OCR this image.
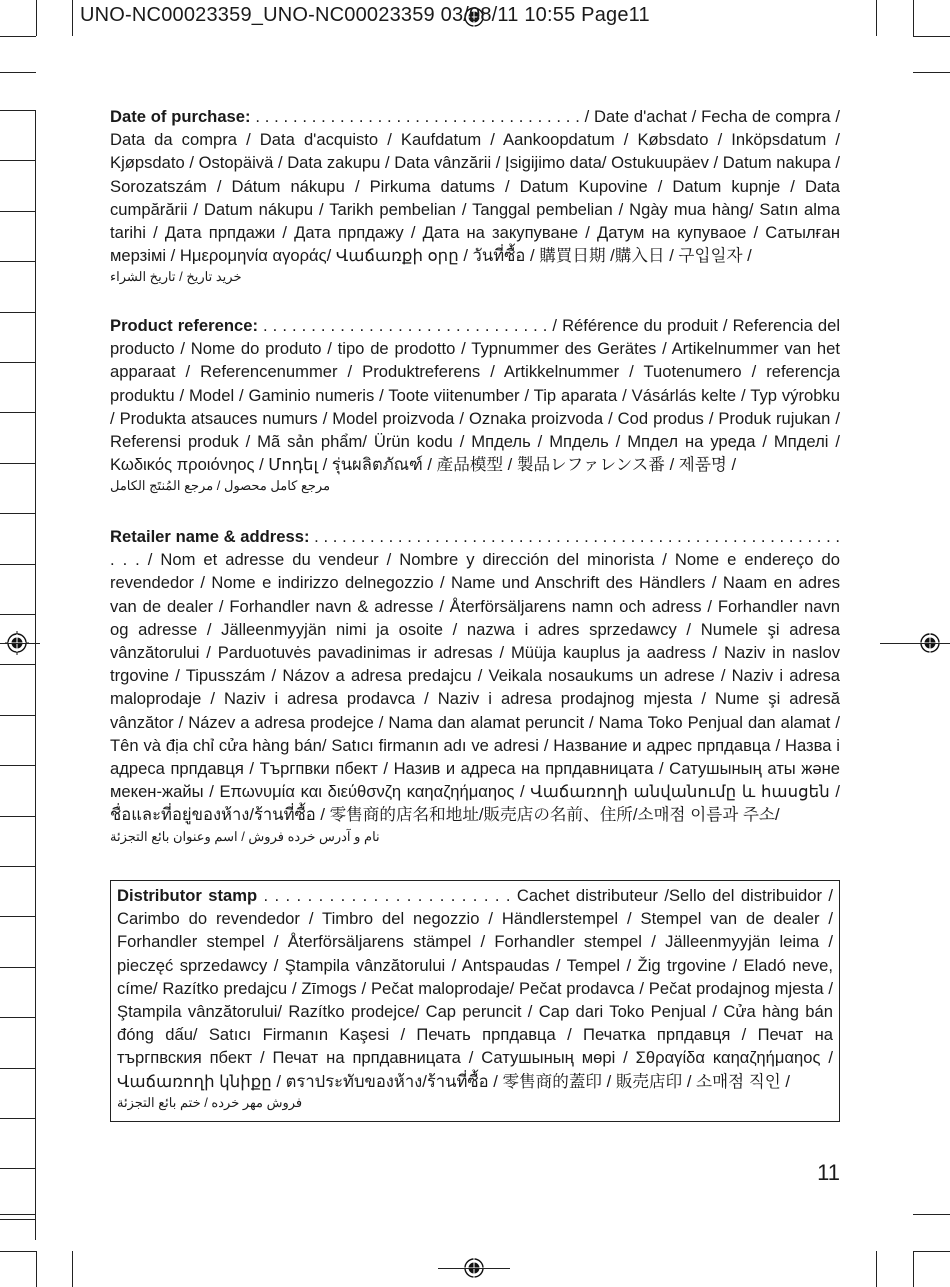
UNO-NC00023359_UNO-NC00023359 03/08/11 10:55 Page11
Date of purchase: . . . . . . . . . . . . . . . . . . . . . . . . . . . . . . . . . . . / Date d'achat / Fecha de compra / Data da compra / Data d'acquisto / Kaufdatum / Aankoopdatum / Købsdato / Inköpsdatum / Kjøpsdato / Ostopäivä / Data zakupu / Data vânzării / Įsigijimo data/ Ostukuupäev / Datum nakupa / Sorozatszám / Dátum nákupu / Pirkuma datums / Datum Kupovine / Datum kupnje / Data cumpărării / Datum nákupu / Tarikh pembelian / Tanggal pembelian / Ngày mua hàng/ Satın alma tarihi / Дата прпдажи / Дата прпдажу / Дата на закупуване / Датум на купуваое / Сатылған мерзімі / Ημερομηνία αγοράς/ Վաճառքի օրը / วันที่ซื้อ / 購買日期 /購入日 / 구입일자 /
خريد تاريخ / تاريخ الشراء
Product reference: . . . . . . . . . . . . . . . . . . . . . . . . . . . . . . / Référence du produit / Referencia del producto / Nome do produto / tipo de prodotto / Typnummer des Gerätes / Artikelnummer van het apparaat / Referencenummer / Produktreferens / Artikkelnummer / Tuotenumero / referencja produktu / Model / Gaminio numeris / Toote viitenumber / Tip aparata / Vásárlás kelte / Typ výrobku / Produkta atsauces numurs / Model proizvoda / Oznaka proizvoda / Cod produs / Produk rujukan / Referensi produk / Mã sản phẩm/ Ürün kodu / Мпдель / Мпдель / Мпдел на уреда / Мпделі / Κωδικός προιόνηος / Մոդել / รุ่นผลิตภัณฑ์ / 產品模型 / 製品レファレンス番 / 제품명 /
مرجع كامل محصول / مرجع المُنتَج الكامل
Retailer name & address: . . . . . . . . . . . . . . . . . . . . . . . . . . . . . . . . . . . . . . . . . . . . . . . . . . . . . . . . . . . . / Nom et adresse du vendeur / Nombre y dirección del minorista / Nome e endereço do revendedor / Nome e indirizzo delnegozzio / Name und Anschrift des Händlers / Naam en adres van de dealer / Forhandler navn & adresse / Återförsäljarens namn och adress / Forhandler navn og adresse / Jälleenmyyjän nimi ja osoite / nazwa i adres sprzedawcy / Numele şi adresa vânzătorului / Parduotuvės pavadinimas ir adresas / Müüja kauplus ja aadress / Naziv in naslov trgovine / Tipusszám / Názov a adresa predajcu / Veikala nosaukums un adrese / Naziv i adresa maloprodaje / Naziv i adresa prodavca / Naziv i adresa prodajnog mjesta / Nume şi adresă vânzător / Název a adresa prodejce / Nama dan alamat peruncit / Nama Toko Penjual dan alamat / Tên và địa chỉ cửa hàng bán/ Satıcı firmanın adı ve adresi / Название и адрес прпдавца / Назва і адреса прпдавця / Търгпвки пбект / Назив и адреса на прпдавницата / Сатушының аты және мекен-жайы / Επωνυμία και διεύθσνζη καηαζηήμαηος / Վաճառողի անվանումը և հասցեն / ชื่อและที่อยู่ของห้าง/ร้านที่ซื้อ / 零售商的店名和地址/販売店の名前、住所/소매점 이름과 주소/
نام و آدرس خرده فروش / اسم وعنوان بائع التجزئة
Distributor stamp . . . . . . . . . . . . . . . . . . . . . . . Cachet distributeur /Sello del distribuidor / Carimbo do revendedor / Timbro del negozzio / Händlerstempel / Stempel van de dealer / Forhandler stempel / Återförsäljarens stämpel / Forhandler stempel / Jälleenmyyjän leima / pieczęć sprzedawcy / Ştampila vânzătorului / Antspaudas / Tempel / Žig trgovine / Eladó neve, címe/ Razítko predajcu / Zīmogs / Pečat maloprodaje/ Pečat prodavca / Pečat prodajnog mjesta / Ştampila vânzătorului/ Razítko prodejce/ Cap peruncit / Cap dari Toko Penjual / Cửa hàng bán đóng dấu/ Satıcı Firmanın Kaşesi / Печать прпдавца / Печатка прпдавця / Печат на търгпвския пбект / Печат на прпдавницата / Сатушының мөрі / Σθραγίδα καηαζηήμαηος / Վաճառողի կնիքը / ตราประทับของห้าง/ร้านที่ซื้อ / 零售商的蓋印 / 販売店印 / 소매점 직인 /
فروش مهر خرده / ختم بائع التجزئة
11
